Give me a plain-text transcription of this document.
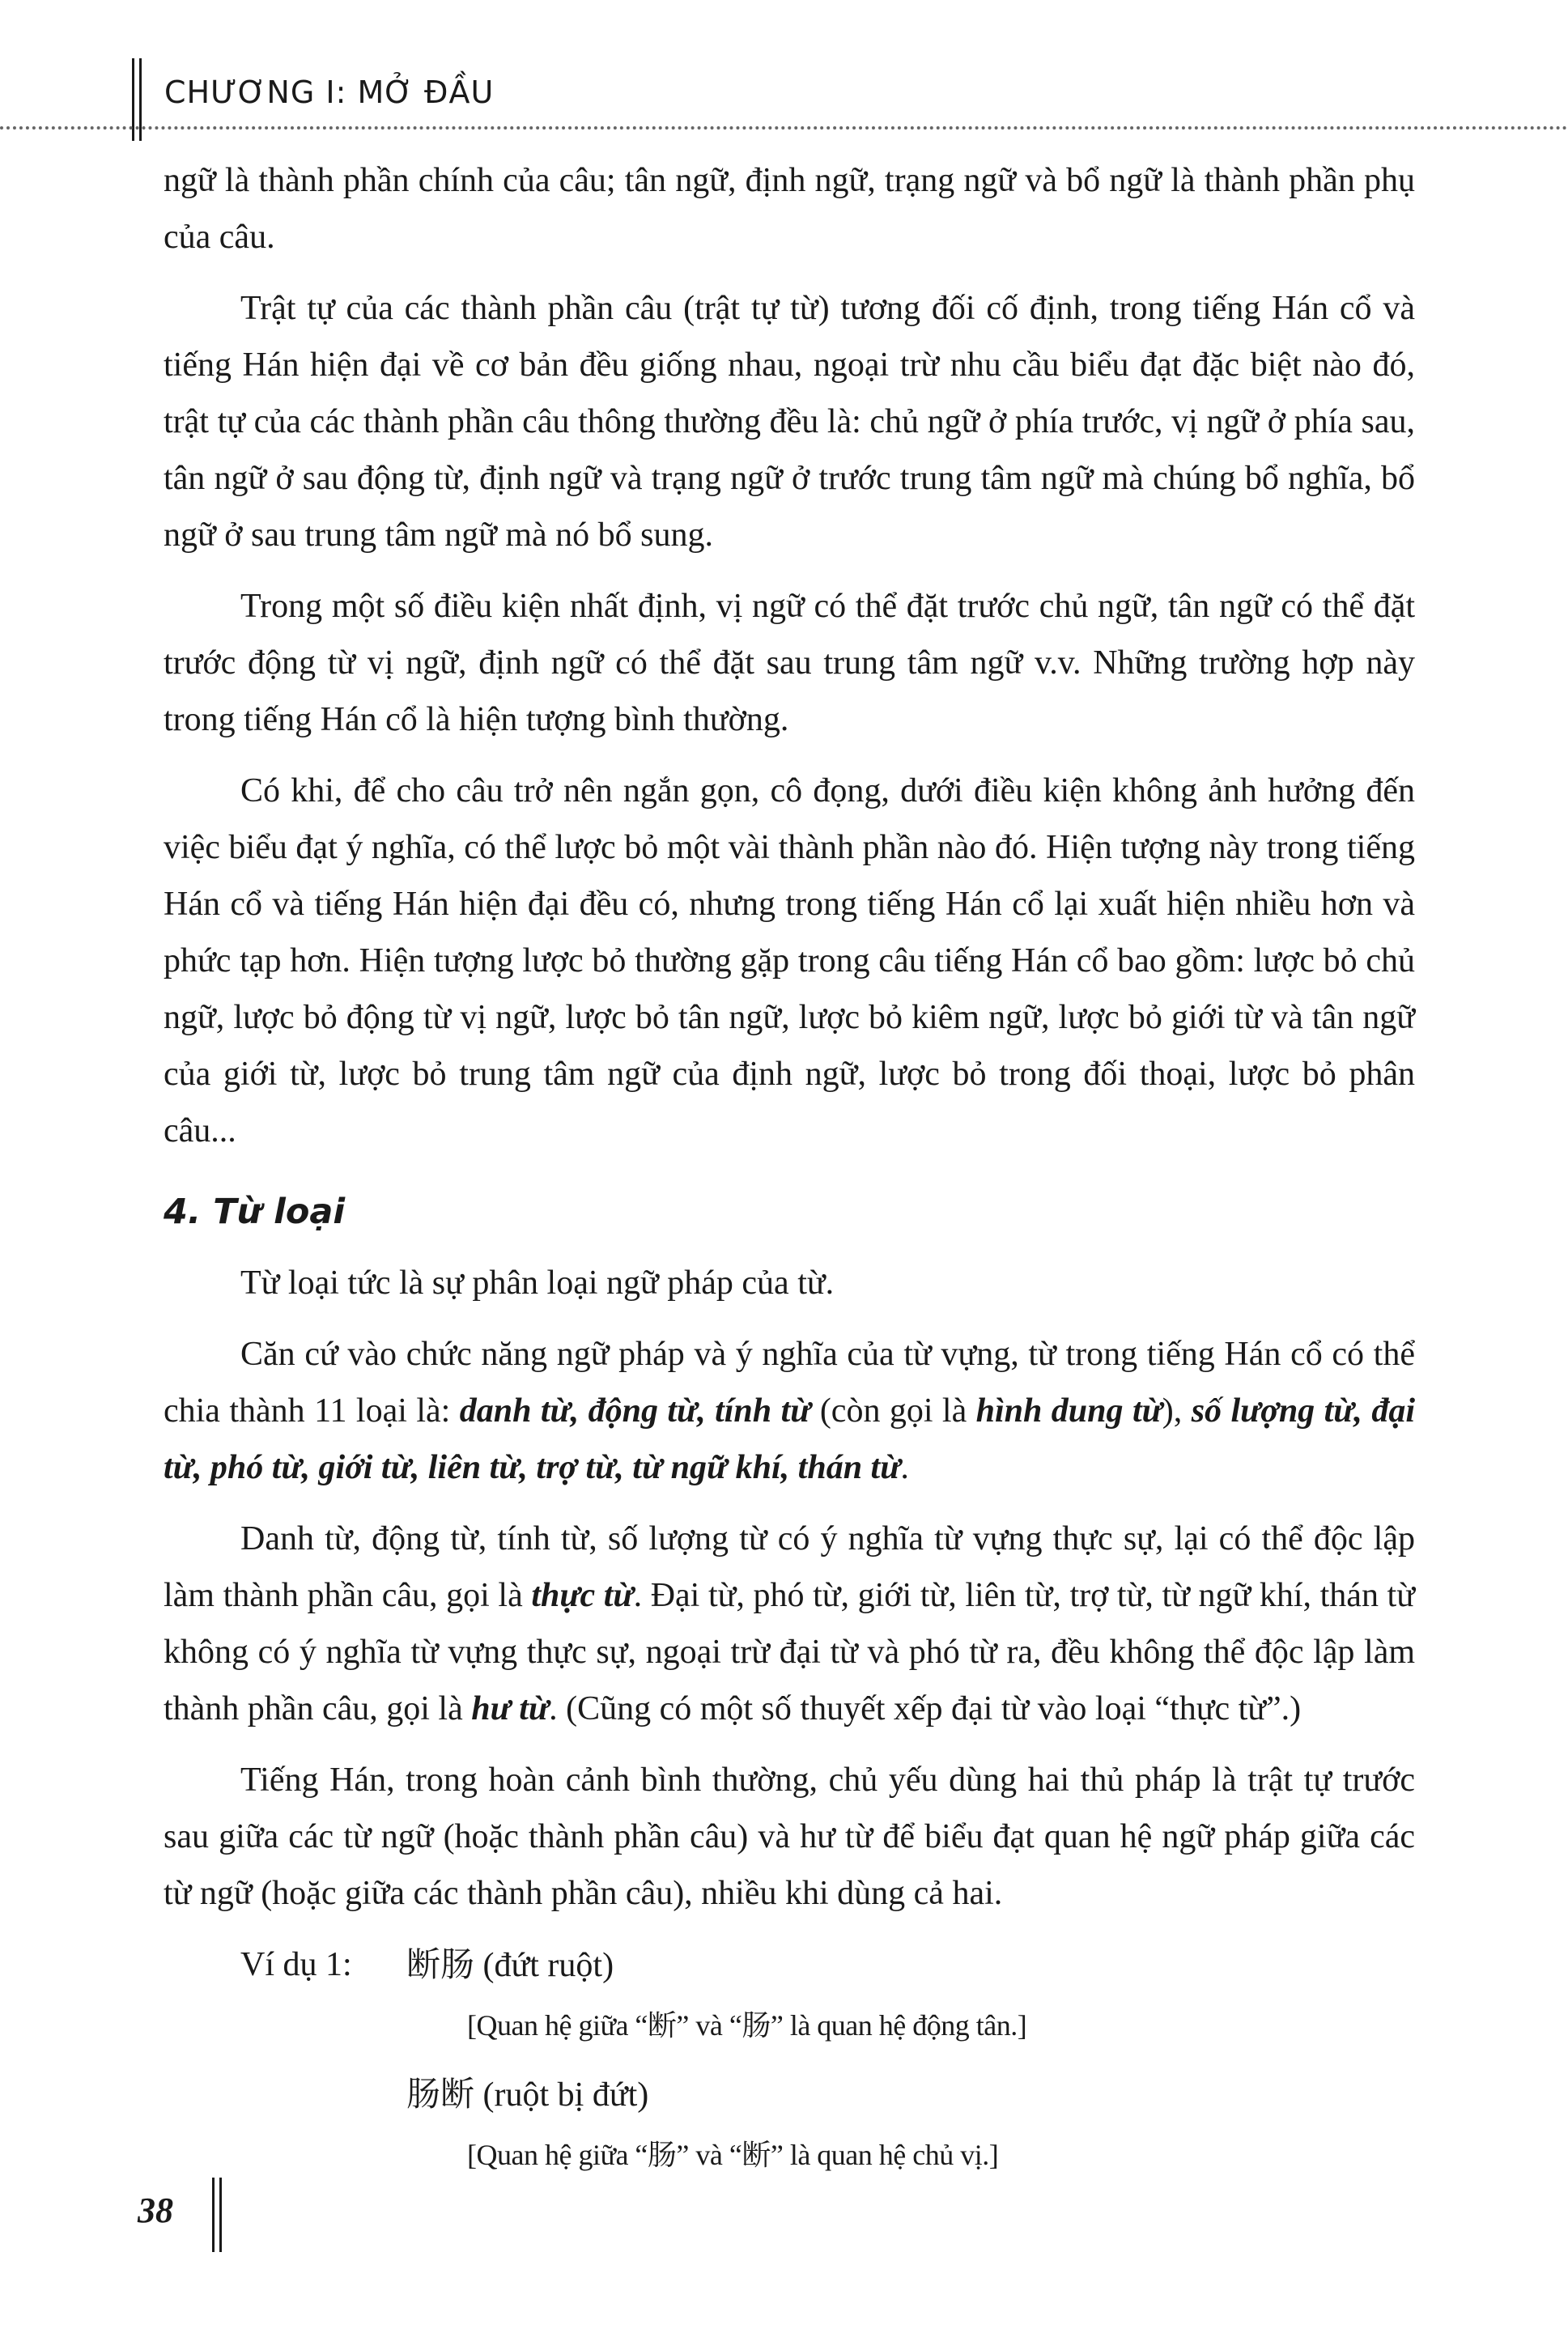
CHƯƠNG I: MỞ ĐẦU

ngữ là thành phần chính của câu; tân ngữ, định ngữ, trạng ngữ và bổ ngữ là thành phần phụ của câu.

Trật tự của các thành phần câu (trật tự từ) tương đối cố định, trong tiếng Hán cổ và tiếng Hán hiện đại về cơ bản đều giống nhau, ngoại trừ nhu cầu biểu đạt đặc biệt nào đó, trật tự của các thành phần câu thông thường đều là: chủ ngữ ở phía trước, vị ngữ ở phía sau, tân ngữ ở sau động từ, định ngữ và trạng ngữ ở trước trung tâm ngữ mà chúng bổ nghĩa, bổ ngữ ở sau trung tâm ngữ mà nó bổ sung.

Trong một số điều kiện nhất định, vị ngữ có thể đặt trước chủ ngữ, tân ngữ có thể đặt trước động từ vị ngữ, định ngữ có thể đặt sau trung tâm ngữ v.v. Những trường hợp này trong tiếng Hán cổ là hiện tượng bình thường.

Có khi, để cho câu trở nên ngắn gọn, cô đọng, dưới điều kiện không ảnh hưởng đến việc biểu đạt ý nghĩa, có thể lược bỏ một vài thành phần nào đó. Hiện tượng này trong tiếng Hán cổ và tiếng Hán hiện đại đều có, nhưng trong tiếng Hán cổ lại xuất hiện nhiều hơn và phức tạp hơn. Hiện tượng lược bỏ thường gặp trong câu tiếng Hán cổ bao gồm: lược bỏ chủ ngữ, lược bỏ động từ vị ngữ, lược bỏ tân ngữ, lược bỏ kiêm ngữ, lược bỏ giới từ và tân ngữ của giới từ, lược bỏ trung tâm ngữ của định ngữ, lược bỏ trong đối thoại, lược bỏ phân câu...

4. Từ loại

Từ loại tức là sự phân loại ngữ pháp của từ.

Căn cứ vào chức năng ngữ pháp và ý nghĩa của từ vựng, từ trong tiếng Hán cổ có thể chia thành 11 loại là: danh từ, động từ, tính từ (còn gọi là hình dung từ), số lượng từ, đại từ, phó từ, giới từ, liên từ, trợ từ, từ ngữ khí, thán từ.

Danh từ, động từ, tính từ, số lượng từ có ý nghĩa từ vựng thực sự, lại có thể độc lập làm thành phần câu, gọi là thực từ. Đại từ, phó từ, giới từ, liên từ, trợ từ, từ ngữ khí, thán từ không có ý nghĩa từ vựng thực sự, ngoại trừ đại từ và phó từ ra, đều không thể độc lập làm thành phần câu, gọi là hư từ. (Cũng có một số thuyết xếp đại từ vào loại “thực từ”.)

Tiếng Hán, trong hoàn cảnh bình thường, chủ yếu dùng hai thủ pháp là trật tự trước sau giữa các từ ngữ (hoặc thành phần câu) và hư từ để biểu đạt quan hệ ngữ pháp giữa các từ ngữ (hoặc giữa các thành phần câu), nhiều khi dùng cả hai.

Ví dụ 1: 断肠 (đứt ruột)

[Quan hệ giữa “断” và “肠” là quan hệ động tân.]

肠断 (ruột bị đứt)

[Quan hệ giữa “肠” và “断” là quan hệ chủ vị.]

38
